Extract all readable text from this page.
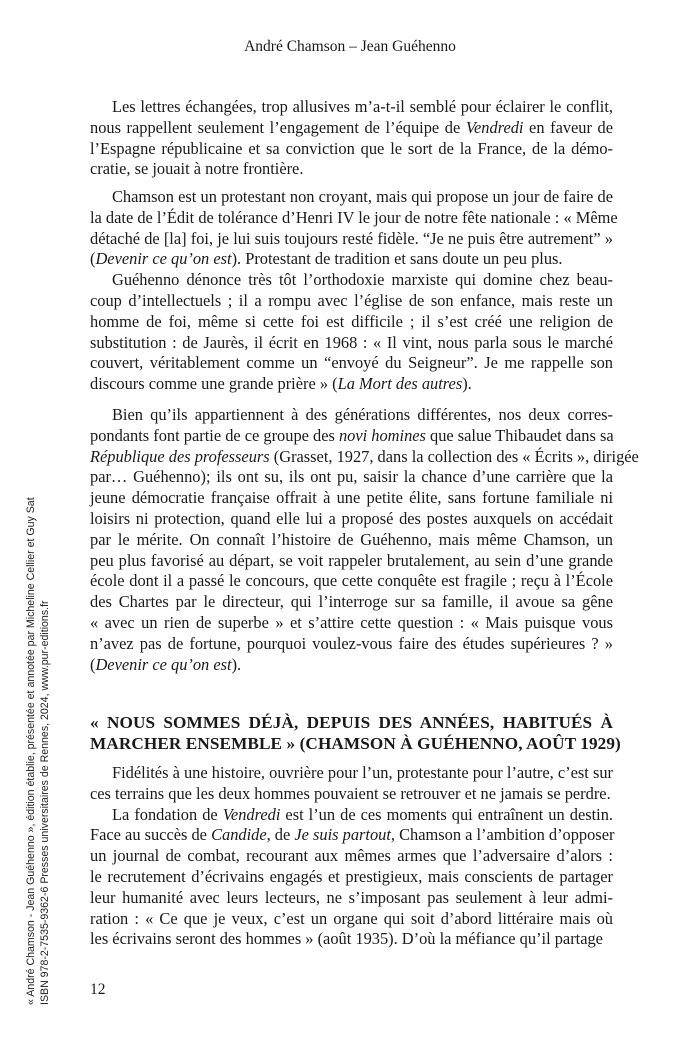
André Chamson – Jean Guéhenno
Les lettres échangées, trop allusives m’a-t-il semblé pour éclairer le conflit,
nous rappellent seulement l’engagement de l’équipe de Vendredi en faveur de
l’Espagne républicaine et sa conviction que le sort de la France, de la démo-
cratie, se jouait à notre frontière.
Chamson est un protestant non croyant, mais qui propose un jour de faire de
la date de l’Édit de tolérance d’Henri IV le jour de notre fête nationale : « Même
détaché de [la] foi, je lui suis toujours resté fidèle. “Je ne puis être autrement” »
(Devenir ce qu’on est). Protestant de tradition et sans doute un peu plus.
Guéhenno dénonce très tôt l’orthodoxie marxiste qui domine chez beau-
coup d’intellectuels ; il a rompu avec l’église de son enfance, mais reste un
homme de foi, même si cette foi est difficile ; il s’est créé une religion de
substitution : de Jaurès, il écrit en 1968 : « Il vint, nous parla sous le marché
couvert, véritablement comme un “envoyé du Seigneur”. Je me rappelle son
discours comme une grande prière » (La Mort des autres).
Bien qu’ils appartiennent à des générations différentes, nos deux corres-
pondants font partie de ce groupe des novi homines que salue Thibaudet dans sa
République des professeurs (Grasset, 1927, dans la collection des « Écrits », dirigée
par… Guéhenno); ils ont su, ils ont pu, saisir la chance d’une carrière que la
jeune démocratie française offrait à une petite élite, sans fortune familiale ni
loisirs ni protection, quand elle lui a proposé des postes auxquels on accédait
par le mérite. On connaît l’histoire de Guéhenno, mais même Chamson, un
peu plus favorisé au départ, se voit rappeler brutalement, au sein d’une grande
école dont il a passé le concours, que cette conquête est fragile ; reçu à l’École
des Chartes par le directeur, qui l’interroge sur sa famille, il avoue sa gêne
« avec un rien de superbe » et s’attire cette question : « Mais puisque vous
n’avez pas de fortune, pourquoi voulez-vous faire des études supérieures ? »
(Devenir ce qu’on est).
« NOUS SOMMES DÉJÀ, DEPUIS DES ANNÉES, HABITUÉS À
MARCHER ENSEMBLE » (CHAMSON À GUÉHENNO, AOÛT 1929)
Fidélités à une histoire, ouvrière pour l’un, protestante pour l’autre, c’est sur
ces terrains que les deux hommes pouvaient se retrouver et ne jamais se perdre.
La fondation de Vendredi est l’un de ces moments qui entraînent un destin.
Face au succès de Candide, de Je suis partout, Chamson a l’ambition d’opposer
un journal de combat, recourant aux mêmes armes que l’adversaire d’alors :
le recrutement d’écrivains engagés et prestigieux, mais conscients de partager
leur humanité avec leurs lecteurs, ne s’imposant pas seulement à leur admi-
ration : « Ce que je veux, c’est un organe qui soit d’abord littéraire mais où
les écrivains seront des hommes » (août 1935). D’où la méfiance qu’il partage
12
« André Chamson - Jean Guéhenno », édition établie, présentée et annotée par Micheline Cellier et Guy Sat ISBN 978-2-7535-9362-6 Presses universitaires de Rennes, 2024, www.pur-editions.fr
